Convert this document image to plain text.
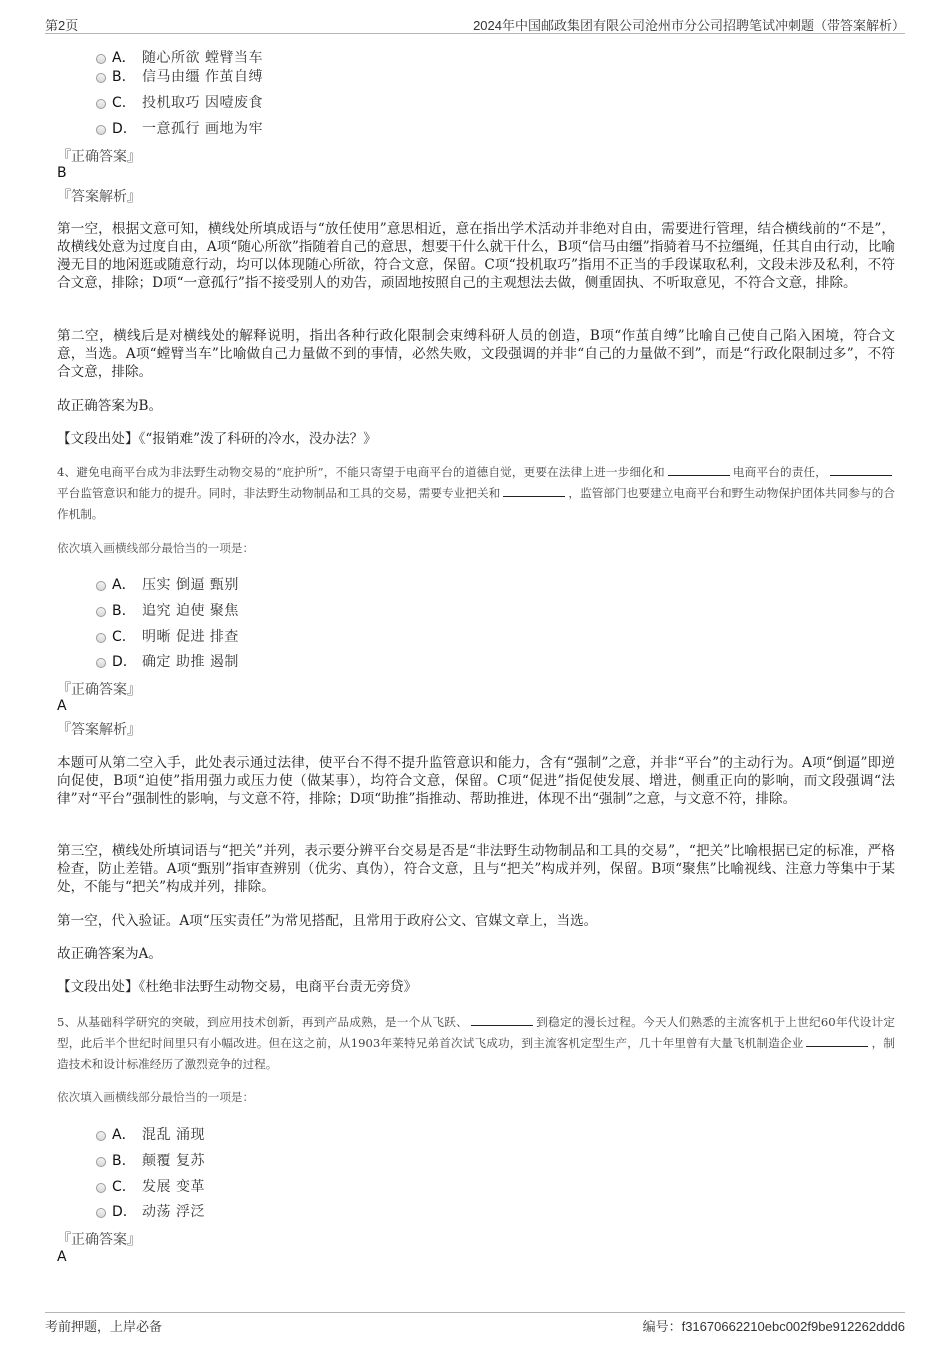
第2页	2024年中国邮政集团有限公司沧州市分公司招聘笔试冲刺题（带答案解析）
A． 随心所欲 螳臂当车
B. 信马由缰 作茧自缚
C. 投机取巧 因噎废食
D. 一意孤行 画地为牢
『正确答案』
B
『答案解析』
第一空，根据文意可知，横线处所填成语与“放任使用”意思相近，意在指出学术活动并非绝对自由，需要进行管理，结合横线前的“不是”，故横线处意为过度自由，A项“随心所欲”指随着自己的意思，想要干什么就干什么，B项“信马由缰”指骑着马不拉缰绳，任其自由行动，比喻漫无目的地闲逛或随意行动，均可以体现随心所欲，符合文意，保留。C项“投机取巧”指用不正当的手段谋取私利，文段未涉及私利，不符合文意，排除；D项“一意孤行”指不接受别人的劝告，顽固地按照自己的主观想法去做，侧重固执、不听取意见，不符合文意，排除。
第二空，横线后是对横线处的解释说明，指出各种行政化限制会束缚科研人员的创造，B项“作茧自缚”比喻自己使自己陷入困境，符合文意，当选。A项“螳臂当车”比喻做自己力量做不到的事情，必然失败，文段强调的并非“自己的力量做不到”，而是“行政化限制过多”，不符合文意，排除。
故正确答案为B。
【文段出处】《“报销难”泼了科研的冷水，没办法？》
4、避免电商平台成为非法野生动物交易的“庇护所”，不能只寄望于电商平台的道德自觉，更要在法律上进一步细化和	电商平台的责任，平台监管意识和能力的提升。同时，非法野生动物制品和工具的交易，需要专业把关和	，监管部门也要建立电商平台和野生动物保护团体共同参与的合作机制。
依次填入画横线部分最恰当的一项是：
A． 压实 倒逼 甄别
B. 追究 迫使 聚焦
C. 明晰 促进 排查
D. 确定 助推 遏制
『正确答案』
A
『答案解析』
本题可从第二空入手，此处表示通过法律，使平台不得不提升监管意识和能力，含有“强制”之意，并非“平台”的主动行为。A项“倒逼”即逆向促使，B项“迫使”指用强力或压力使（做某事），均符合文意，保留。C项“促进”指促使发展、增进，侧重正向的影响，而文段强调“法律”对“平台”强制性的影响，与文意不符，排除；D项“助推”指推动、帮助推进，体现不出“强制”之意，与文意不符，排除。
第三空，横线处所填词语与“把关”并列，表示要分辨平台交易是否是“非法野生动物制品和工具的交易”，“把关”比喻根据已定的标准，严格检查，防止差错。A项“甄别”指审查辨别（优劣、真伪），符合文意，且与“把关”构成并列，保留。B项“聚焦”比喻视线、注意力等集中于某处，不能与“把关”构成并列，排除。
第一空，代入验证。A项“压实责任”为常见搭配，且常用于政府公文、官媒文章上，当选。
故正确答案为A。
【文段出处】《杜绝非法野生动物交易，电商平台责无旁贷》
5、从基础科学研究的突破，到应用技术创新，再到产品成熟，是一个从飞跃、	到稳定的漫长过程。今天人们熟悉的主流客机于上世纪60年代设计定型，此后半个世纪时间里只有小幅改进。但在这之前，从1903年莱特兄弟首次试飞成功，到主流客机定型生产，几十年里曾有大量飞机制造企业	，制造技术和设计标准经历了激烈竞争的过程。
依次填入画横线部分最恰当的一项是：
A． 混乱 涌现
B. 颠覆 复苏
C. 发展 变革
D. 动荡 浮泛
『正确答案』
A
考前押题，上岸必备	编号：f31670662210ebc002f9be912262ddd6
